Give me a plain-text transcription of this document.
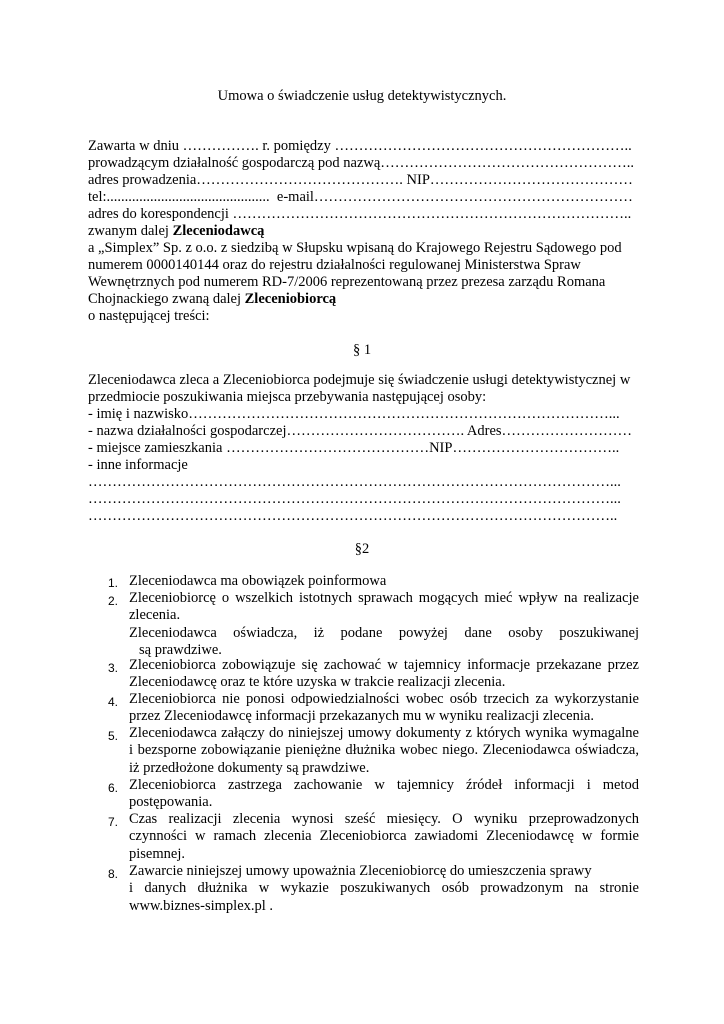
Umowa o świadczenie usług detektywistycznych.
Zawarta w dniu ……………. r. pomiędzy ……………………………………………………..
prowadzącym działalność gospodarczą pod nazwą……………………………………………..
adres prowadzenia……………………………………. NIP……………………………………
tel:.............................................  e-mail…………………………………………………………
adres do korespondencji ………………………………………………………………………..
zwanym dalej Zleceniodawcą
a „Simplex” Sp. z o.o. z siedzibą w Słupsku wpisaną do Krajowego Rejestru Sądowego pod
numerem 0000140144 oraz do rejestru działalności regulowanej Ministerstwa Spraw
Wewnętrznych pod numerem RD-7/2006 reprezentowaną przez prezesa zarządu Romana
Chojnackiego zwaną dalej Zleceniobiorcą
o następującej treści:
§ 1
Zleceniodawca zleca a Zleceniobiorca podejmuje się świadczenie usługi detektywistycznej w
przedmiocie poszukiwania miejsca przebywania następującej osoby:
- imię i nazwisko……………………………………………………………………………...
- nazwa działalności gospodarczej………………………………. Adres………………………
- miejsce zamieszkania ……………………………………NIP……………………………..
- inne informacje
………………………………………………………………………………………………...
………………………………………………………………………………………………...
………………………………………………………………………………………………..
§2
1. Zleceniodawca ma obowiązek poinformowa
2. Zleceniobiorcę o wszelkich istotnych sprawach mogących mieć wpływ na realizacje
zlecenia.
Zleceniodawca oświadcza, iż podane powyżej dane osoby poszukiwanej
są prawdziwe.
3. Zleceniobiorca zobowiązuje się zachować w tajemnicy informacje przekazane przez
Zleceniodawcę oraz te które uzyska w trakcie realizacji zlecenia.
4. Zleceniobiorca nie ponosi odpowiedzialności wobec osób trzecich za wykorzystanie
przez Zleceniodawcę informacji przekazanych mu w wyniku realizacji zlecenia.
5. Zleceniodawca załączy do niniejszej umowy dokumenty z których wynika wymagalne
i bezsporne zobowiązanie pieniężne dłużnika wobec niego. Zleceniodawca oświadcza,
iż przedłożone dokumenty są prawdziwe.
6. Zleceniobiorca zastrzega zachowanie w tajemnicy źródeł informacji i metod
postępowania.
7. Czas realizacji zlecenia wynosi sześć miesięcy. O wyniku przeprowadzonych
czynności w ramach zlecenia Zleceniobiorca zawiadomi Zleceniodawcę w formie
pisemnej.
8. Zawarcie niniejszej umowy upoważnia Zleceniobiorcę do umieszczenia sprawy
i danych dłużnika w wykazie poszukiwanych osób prowadzonym na stronie
www.biznes-simplex.pl .
